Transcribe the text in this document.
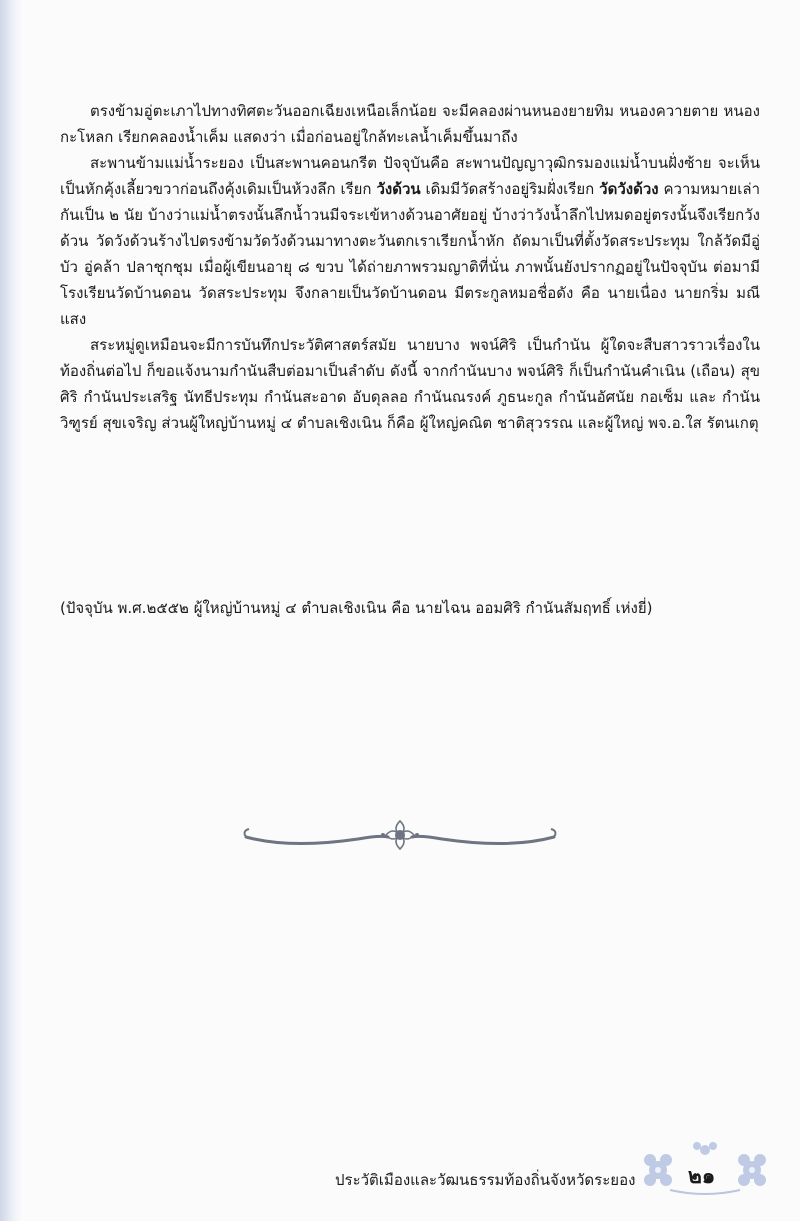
ตรงข้ามอู่ตะเภาไปทางทิศตะวันออกเฉียงเหนือเล็กน้อย จะมีคลองผ่านหนองยายทิม หนองควายตาย หนองกะโหลก เรียกคลองน้ำเค็ม แสดงว่า เมื่อก่อนอยู่ใกล้ทะเลน้ำเค็มขึ้นมาถึง

สะพานข้ามแม่น้ำระยอง เป็นสะพานคอนกรีต ปัจจุบันคือ สะพานปัญญาวุฒิกรมองแม่น้ำบนฝั่งซ้าย จะเห็นเป็นหักคุ้งเลี้ยวขวาก่อนถึงคุ้งเดิมเป็นห้วงลึก เรียก วังด้วน เดิมมีวัดสร้างอยู่ริมฝั่งเรียก วัดวังด้วง ความหมายเล่ากันเป็น ๒ นัย บ้างว่าแม่น้ำตรงนั้นลึกน้ำวนมีจระเข้หางด้วนอาศัยอยู่ บ้างว่าวังน้ำลึกไปหมดอยู่ตรงนั้นจึงเรียกวังด้วน วัดวังด้วนร้างไปตรงข้ามวัดวังด้วนมาทางตะวันตกเราเรียกน้ำหัก ถัดมาเป็นที่ตั้งวัดสระประทุม ใกล้วัดมีอู่บัว อู่คล้า ปลาชุกชุม เมื่อผู้เขียนอายุ ๘ ขวบ ได้ถ่ายภาพรวมญาติที่นั่น ภาพนั้นยังปรากฏอยู่ในปัจจุบัน ต่อมามีโรงเรียนวัดบ้านดอน วัดสระประทุม จึงกลายเป็นวัดบ้านดอน มีตระกูลหมอชื่อดัง คือ นายเนื่อง นายกริ่ม มณีแสง

สระหมู่ดูเหมือนจะมีการบันทึกประวัติศาสตร์สมัย นายบาง พจน์ศิริ เป็นกำนัน ผู้ใดจะสืบสาวราวเรื่องในท้องถิ่นต่อไป ก็ขอแจ้งนามกำนันสืบต่อมาเป็นลำดับ ดังนี้ จากกำนันบาง พจน์ศิริ ก็เป็นกำนันคำเนิน (เถือน) สุขศิริ กำนันประเสริฐ นัทธีประทุม กำนันสะอาด อับดุลลอ กำนันณรงค์ ภูธนะกูล กำนันอัศนัย กอเซ็ม และ กำนันวิฑูรย์ สุขเจริญ ส่วนผู้ใหญ่บ้านหมู่ ๔ ตำบลเชิงเนิน ก็คือ ผู้ใหญ่คณิต ชาติสุวรรณ และผู้ใหญ่ พจ.อ.ใส รัตนเกตุ

(ปัจจุบัน พ.ศ.๒๕๕๒ ผู้ใหญ่บ้านหมู่ ๔ ตำบลเชิงเนิน คือ นายไฉน ออมศิริ กำนันสัมฤทธิ์ เห่งยี่)
ประวัติเมืองและวัฒนธรรมท้องถิ่นจังหวัดระยอง	๒๑
